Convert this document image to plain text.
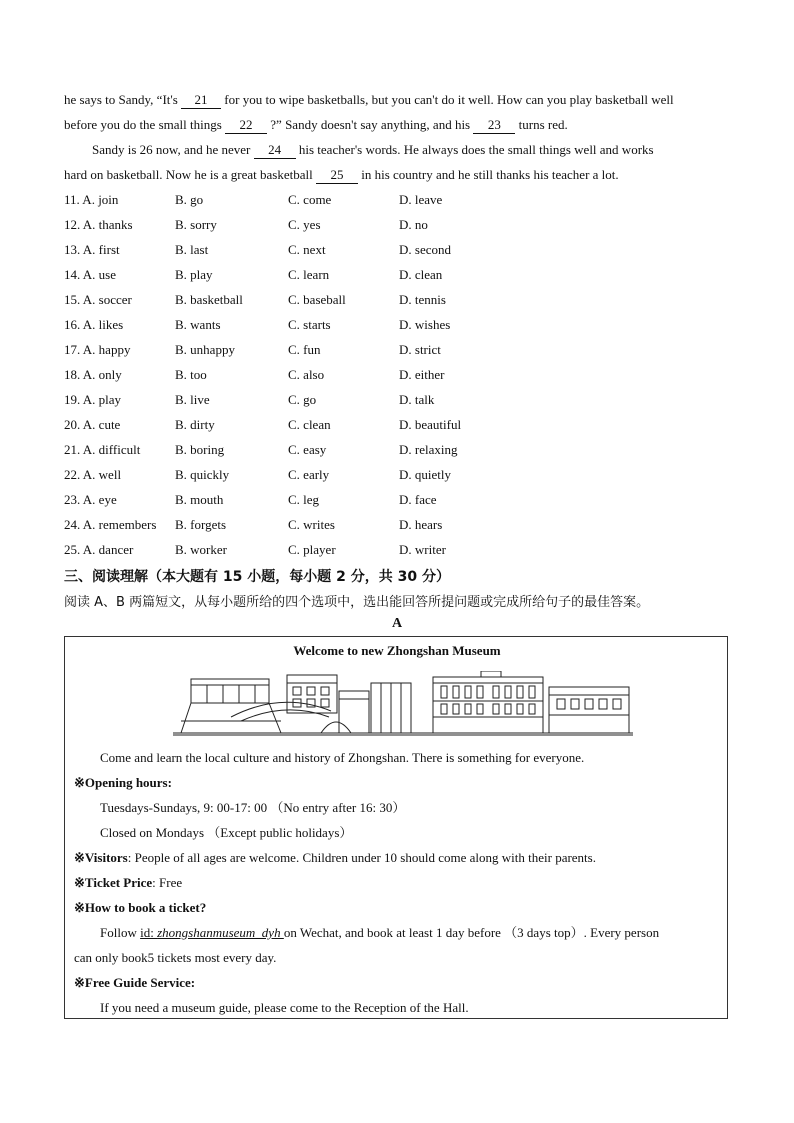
he says to Sandy, “It's 21 for you to wipe basketballs, but you can't do it well. How can you play basketball well
before you do the small things 22 ?” Sandy doesn't say anything, and his 23 turns red.
Sandy is 26 now, and he never 24 his teacher's words. He always does the small things well and works
hard on basketball. Now he is a great basketball 25 in his country and he still thanks his teacher a lot.
11. A. join	B. go	C. come	D. leave
12. A. thanks	B. sorry	C. yes	D. no
13. A. first	B. last	C. next	D. second
14. A. use	B. play	C. learn	D. clean
15. A. soccer	B. basketball	C. baseball	D. tennis
16. A. likes	B. wants	C. starts	D. wishes
17. A. happy	B. unhappy	C. fun	D. strict
18. A. only	B. too	C. also	D. either
19. A. play	B. live	C. go	D. talk
20. A. cute	B. dirty	C. clean	D. beautiful
21. A. difficult	B. boring	C. easy	D. relaxing
22. A. well	B. quickly	C. early	D. quietly
23. A. eye	B. mouth	C. leg	D. face
24. A. remembers B. forgets	C. writes	D. hears
25. A. dancer	B. worker	C. player	D. writer
三、阅读理解（本大题有 15 小题，每小题 2 分，共 30 分）
阅读 A、B 两篇短文，从每小题所给的四个选项中，选出能回答所提问题或完成所给句子的最佳答案。
A
Welcome to new Zhongshan Museum
Come and learn the local culture and history of Zhongshan. There is something for everyone.
※Opening hours:
Tuesdays-Sundays, 9: 00-17: 00 （No entry after 16: 30）
Closed on Mondays （Except public holidays）
※Visitors: People of all ages are welcome. Children under 10 should come along with their parents.
※Ticket Price: Free
※How to book a ticket?
Follow id: zhongshanmuseum_dyh on Wechat, and book at least 1 day before （3 days top）. Every person
can only book5 tickets most every day.
※Free Guide Service:
If you need a museum guide, please come to the Reception of the Hall.
